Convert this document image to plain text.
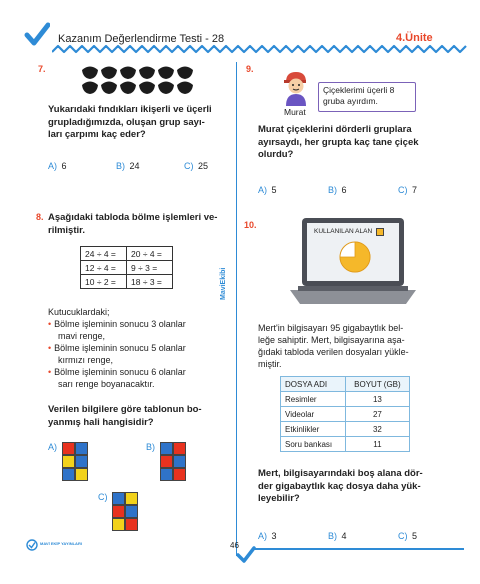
Kazanım Değerlendirme Testi - 28	4.Ünite
MaviEkibi
7.
Yukarıdaki fındıkları ikişerli ve üçerli
grupladığımızda, oluşan grup sayı-
ları çarpımı kaç eder?
A) 6	B) 24	C) 25
8. Aşağıdaki tabloda bölme işlemleri ve-
rilmiştir.
24 ÷ 4 =	20 ÷ 4 =
12 ÷ 4 =	9 ÷ 3 =
10 ÷ 2 =	18 ÷ 3 =
Kutucuklardaki;
• Bölme işleminin sonucu 3 olanlar
mavi renge,
• Bölme işleminin sonucu 5 olanlar
kırmızı renge,
• Bölme işleminin sonucu 6 olanlar
sarı renge boyanacaktır.
Verilen bilgilere göre tablonun bo-
yanmış hali hangisidir?
A)	B)
C)
9.
Murat
Çiçeklerimi üçerli 8
gruba ayırdım.
Murat çiçeklerini dörderli gruplara
ayırsaydı, her grupta kaç tane çiçek
olurdu?
A) 5	B) 6	C) 7
10.
KULLANILAN ALAN
Mert'in bilgisayarı 95 gigabaytlık bel-
leğe sahiptir. Mert, bilgisayarına aşa-
ğıdaki tabloda verilen dosyaları yükle-
miştir.
DOSYA ADI	BOYUT (GB)
Resimler	13
Videolar	27
Etkinlikler	32
Soru bankası	11
Mert, bilgisayarındaki boş alana dör-
der gigabaytlık kaç dosya daha yük-
leyebilir?
A) 3	B) 4	C) 5
MAVİ EKİP YAYINLARI	46
